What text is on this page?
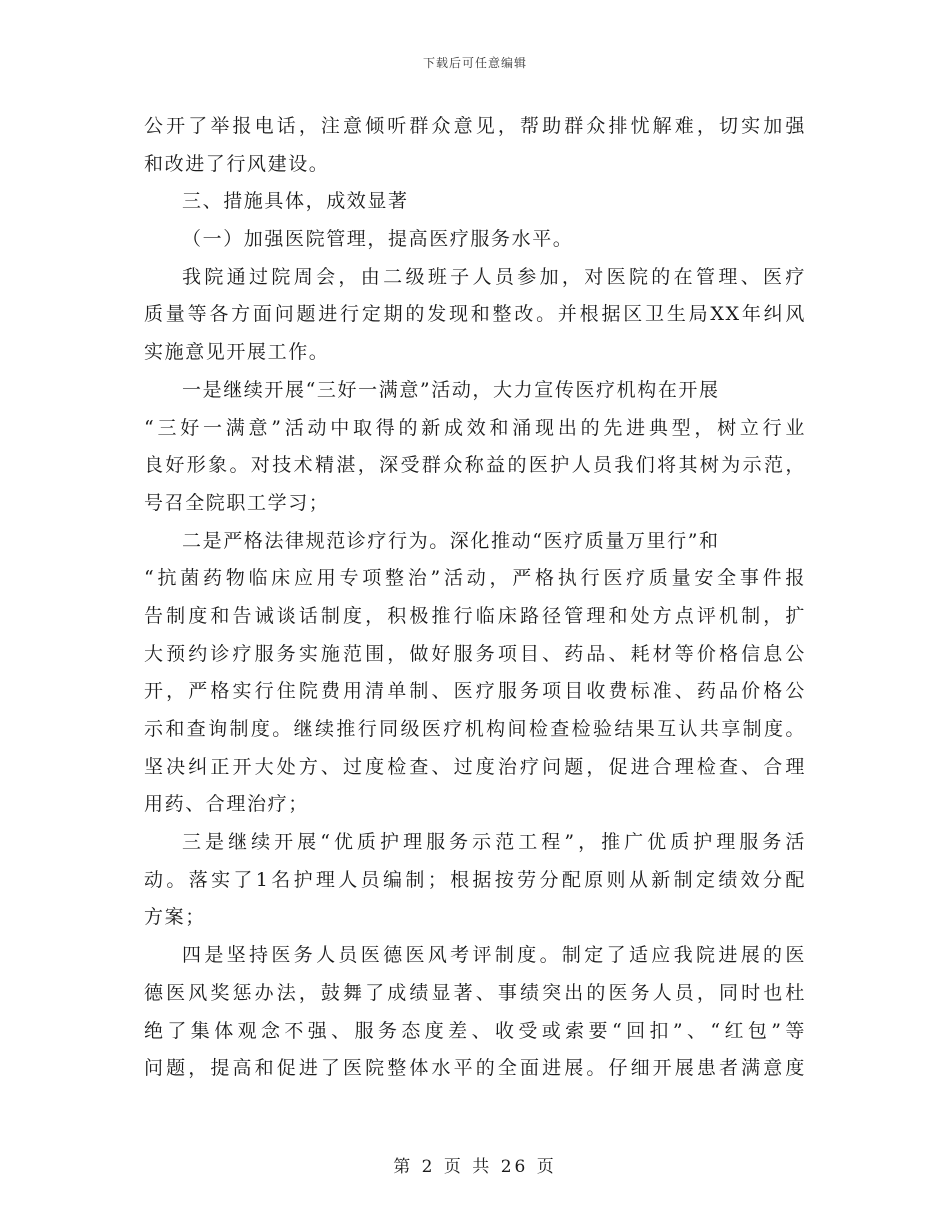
下载后可任意编辑
公开了举报电话，注意倾听群众意见，帮助群众排忧解难，切实加强
和改进了行风建设。
三、措施具体，成效显著
（一）加强医院管理，提高医疗服务水平。
我院通过院周会，由二级班子人员参加，对医院的在管理、医疗
质量等各方面问题进行定期的发现和整改。并根据区卫生局XX年纠风
实施意见开展工作。
一是继续开展“三好一满意”活动，大力宣传医疗机构在开展
“三好一满意”活动中取得的新成效和涌现出的先进典型，树立行业
良好形象。对技术精湛，深受群众称益的医护人员我们将其树为示范，
号召全院职工学习；
二是严格法律规范诊疗行为。深化推动“医疗质量万里行”和
“抗菌药物临床应用专项整治”活动，严格执行医疗质量安全事件报
告制度和告诫谈话制度，积极推行临床路径管理和处方点评机制，扩
大预约诊疗服务实施范围，做好服务项目、药品、耗材等价格信息公
开，严格实行住院费用清单制、医疗服务项目收费标准、药品价格公
示和查询制度。继续推行同级医疗机构间检查检验结果互认共享制度。
坚决纠正开大处方、过度检查、过度治疗问题，促进合理检查、合理
用药、合理治疗；
三是继续开展“优质护理服务示范工程”，推广优质护理服务活
动。落实了1名护理人员编制；根据按劳分配原则从新制定绩效分配
方案；
四是坚持医务人员医德医风考评制度。制定了适应我院进展的医
德医风奖惩办法，鼓舞了成绩显著、事绩突出的医务人员，同时也杜
绝了集体观念不强、服务态度差、收受或索要“回扣”、“红包”等
问题，提高和促进了医院整体水平的全面进展。仔细开展患者满意度
第 2 页 共 26 页
